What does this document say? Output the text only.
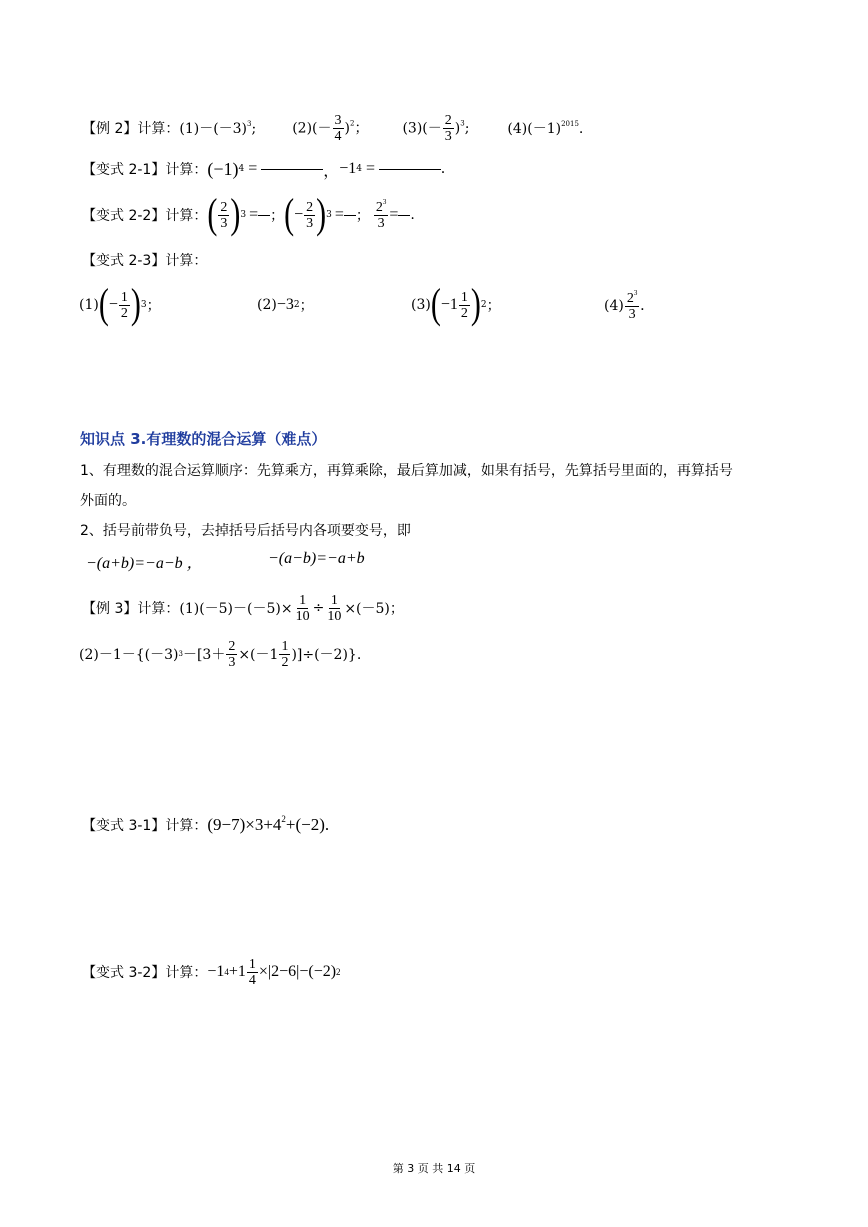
【例 2】 计算： $(1)-(-3)^3$;	$(2)(- \frac{3}{4} )^2$； $(3)(- \frac{2}{3} )^3$;	$(4)(-1)^{2015}$.
【变式 2-1】 计算： (−1) 4 =	， −1 4 =	.
【变式 2-2】 计算： ( $\frac{2}{3}$ ) 3 = ； ( − $\frac{2}{3}$ ) 3 = ； $\frac{2^3}{3}$ = .
【变式 2-3】计算：
(1) ( − $\frac{1}{2}$ ) 3 ；	(2) − 3 2 ；	(3) ( − $1 \frac{1}{2}$ ) 2 ；	$(4) \frac{2^3}{3}$ .
知识点 3.有理数的混合运算（难点）
1、有理数的混合运算顺序：先算乘方，再算乘除，最后算加减，如果有括号，先算括号里面的，再算括号
外面的。
2、括号前带负号，去掉括号后括号内各项要变号，即
−(a+b)=−a−b ，	−(a−b)=−a+b
【例 3】 计算： $(1)(-5)-(-5)\times \frac{1}{10} \div \frac{1}{10} \times(-5)$；
(2)－1－{(－3) $3 -[3+ \frac{2}{3} \times(-1 \frac{1}{2} )]\div(-2)$}.
【变式 3-1】 计算： $(9-7)\times 3+4^2+(-2)$.
【变式 3-2】 计算： −1 $4 +1 \frac{1}{4} \times|2-6|-(-2)$ 2
第 3 页 共 14 页
